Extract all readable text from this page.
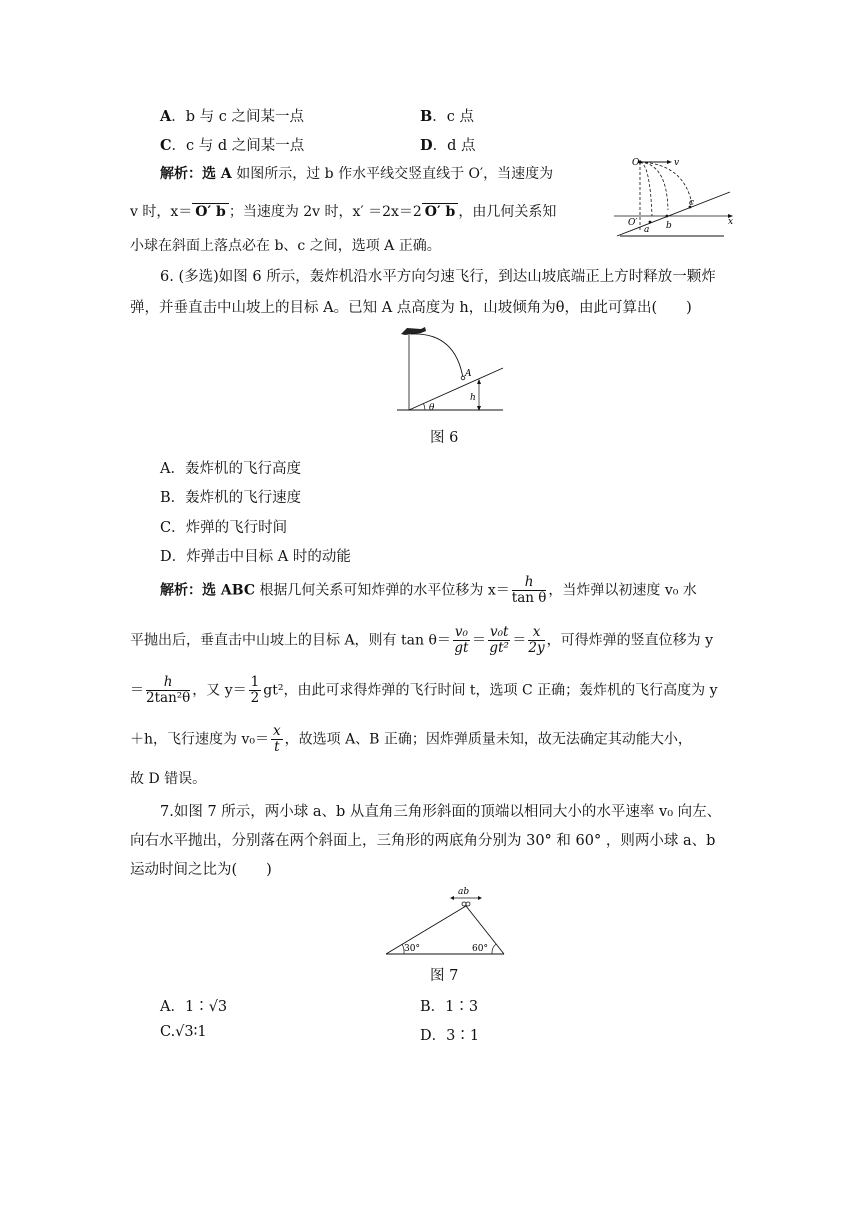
A．b 与 c 之间某一点	B．c 点
C．c 与 d 之间某一点	D．d 点
解析：选 A 如图所示，过 b 作水平线交竖直线于 O′，当速度为
v 时，x＝ O′ b ；当速度为 2v 时，x′ ＝2x＝2 O′ b ，由几何关系知
小球在斜面上落点必在 b、c 之间，选项 A 正确。
O	v
c
x
O′
a b
6. (多选)如图 6 所示，轰炸机沿水平方向匀速飞行，到达山坡底端正上方时释放一颗炸
弹，并垂直击中山坡上的目标 A。已知 A 点高度为 h，山坡倾角为θ，由此可算出(　　)
A
h
θ
图 6
A．轰炸机的飞行高度
B．轰炸机的飞行速度
C．炸弹的飞行时间
D．炸弹击中目标 A 时的动能
解析：选 ABC 根据几何关系可知炸弹的水平位移为 $x= \frac{h}{\text{tan θ}}$ ，当炸弹以初速度 v₀ 水
平抛出后，垂直击中山坡上的目标 A，则有 $\tan \theta= \frac{\text{v₀}}{gt} = \frac{\text{v₀t}}{\text{gt²}} = \frac{x}{2y}$ ，可得炸弹的竖直位移为 y
＝ $\frac{h}{\text{2tan²θ}}$ ，又 $y= \frac{1}{2} gt^2$，由此可求得炸弹的飞行时间 t，选项 C 正确；轰炸机的飞行高度为 y
＋h，飞行速度为 $v_0= \frac{x}{t}$ ，故选项 A、B 正确；因炸弹质量未知，故无法确定其动能大小，
故 D 错误。
7.如图 7 所示，两小球 a、b 从直角三角形斜面的顶端以相同大小的水平速率 v₀ 向左、
向右水平抛出，分别落在两个斜面上，三角形的两底角分别为 30° 和 60° ，则两小球 a、b
运动时间之比为(　　)
ab
30°	60°
图 7
A．1∶√3	B．1∶3
C.√3∶1	D．3∶1
